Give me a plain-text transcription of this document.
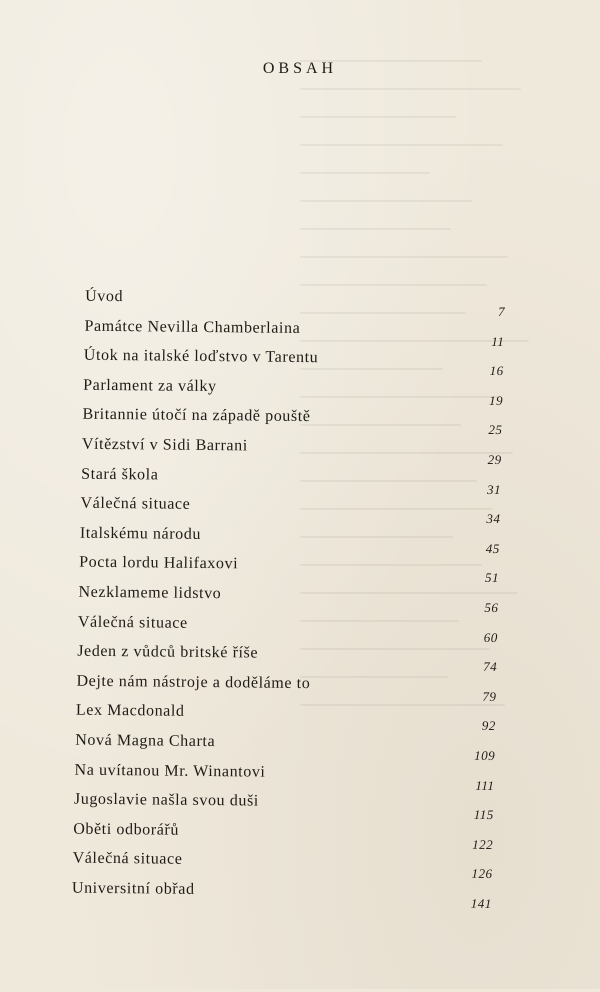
OBSAH
Úvod
7
Památce Nevilla Chamberlaina
11
Útok na italské loďstvo v Tarentu
16
Parlament za války
19
Britannie útočí na západě pouště
25
Vítězství v Sidi Barrani
29
Stará škola
31
Válečná situace
34
Italskému národu
45
Pocta lordu Halifaxovi
51
Nezklameme lidstvo
56
Válečná situace
60
Jeden z vůdců britské říše
74
Dejte nám nástroje a doděláme to
79
Lex Macdonald
92
Nová Magna Charta
109
Na uvítanou Mr. Winantovi
111
Jugoslavie našla svou duši
115
Oběti odborářů
122
Válečná situace
126
Universitní obřad
141
